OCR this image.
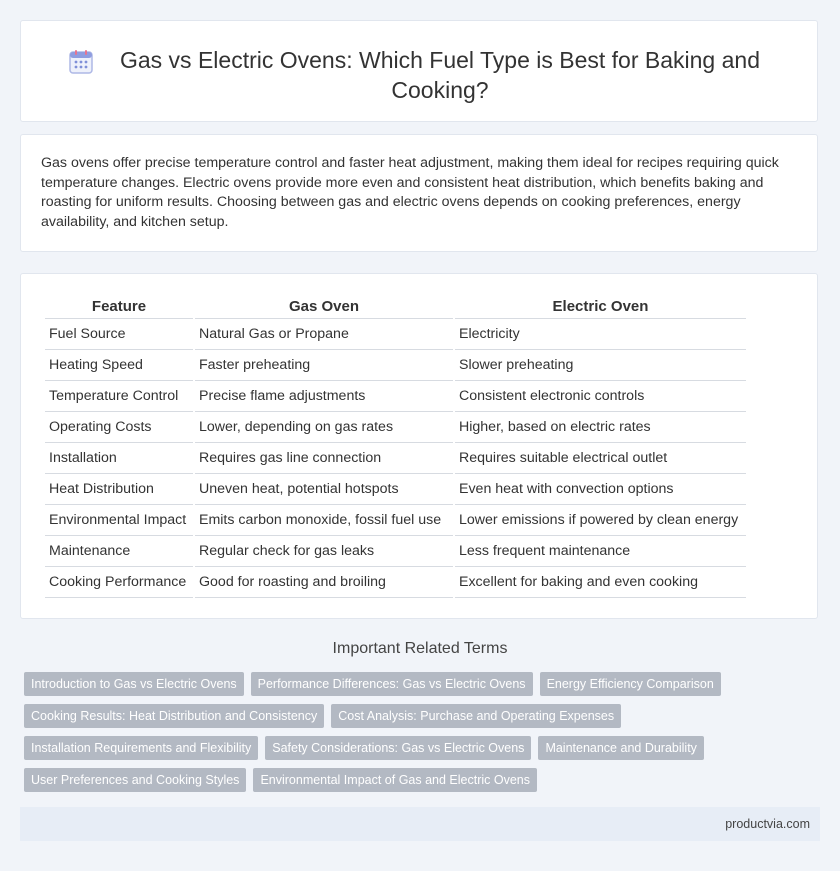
Gas vs Electric Ovens: Which Fuel Type is Best for Baking and Cooking?

Gas ovens offer precise temperature control and faster heat adjustment, making them ideal for recipes requiring quick temperature changes. Electric ovens provide more even and consistent heat distribution, which benefits baking and roasting for uniform results. Choosing between gas and electric ovens depends on cooking preferences, energy availability, and kitchen setup.

Feature	Gas Oven	Electric Oven
Fuel Source	Natural Gas or Propane	Electricity
Heating Speed	Faster preheating	Slower preheating
Temperature Control	Precise flame adjustments	Consistent electronic controls
Operating Costs	Lower, depending on gas rates	Higher, based on electric rates
Installation	Requires gas line connection	Requires suitable electrical outlet
Heat Distribution	Uneven heat, potential hotspots	Even heat with convection options
Environmental Impact	Emits carbon monoxide, fossil fuel use	Lower emissions if powered by clean energy
Maintenance	Regular check for gas leaks	Less frequent maintenance
Cooking Performance	Good for roasting and broiling	Excellent for baking and even cooking
Important Related Terms
Introduction to Gas vs Electric Ovens	Performance Differences: Gas vs Electric Ovens	Energy Efficiency Comparison
Cooking Results: Heat Distribution and Consistency	Cost Analysis: Purchase and Operating Expenses
Installation Requirements and Flexibility	Safety Considerations: Gas vs Electric Ovens	Maintenance and Durability
User Preferences and Cooking Styles	Environmental Impact of Gas and Electric Ovens
productvia.com
